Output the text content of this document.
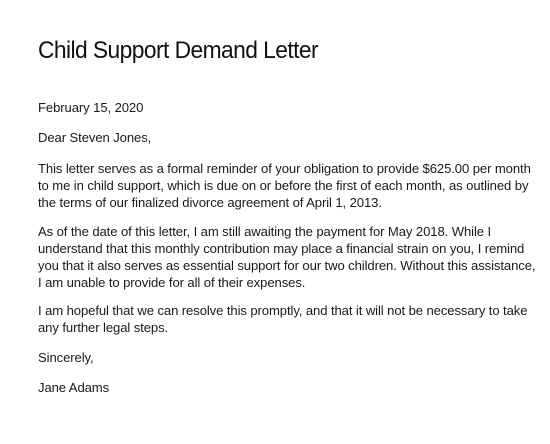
Child Support Demand Letter

February 15, 2020

Dear Steven Jones,

This letter serves as a formal reminder of your obligation to provide $625.00 per month
to me in child support, which is due on or before the first of each month, as outlined by
the terms of our finalized divorce agreement of April 1, 2013.

As of the date of this letter, I am still awaiting the payment for May 2018. While I
understand that this monthly contribution may place a financial strain on you, I remind
you that it also serves as essential support for our two children. Without this assistance,
I am unable to provide for all of their expenses.

I am hopeful that we can resolve this promptly, and that it will not be necessary to take
any further legal steps.

Sincerely,

Jane Adams
